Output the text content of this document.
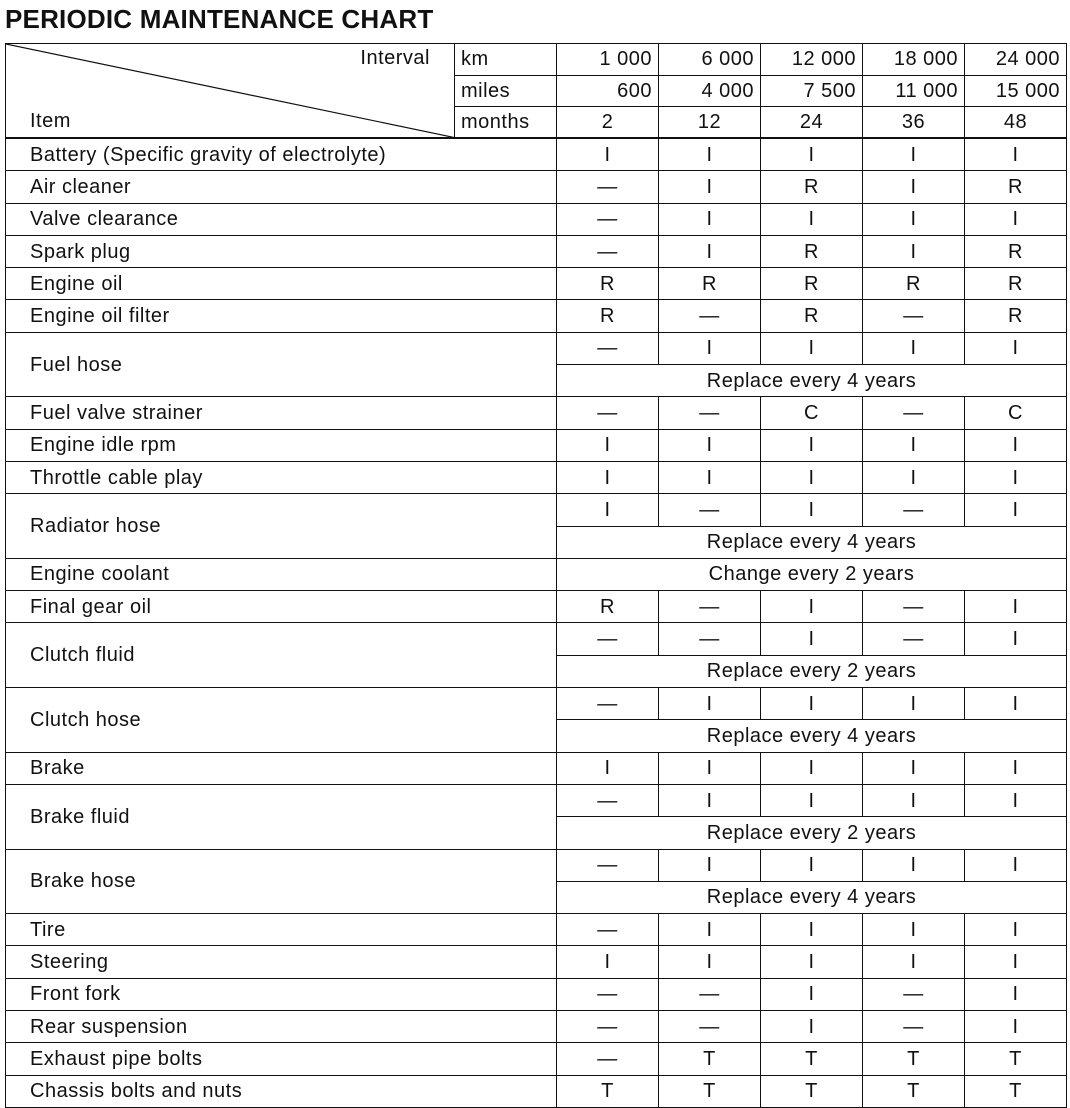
PERIODIC MAINTENANCE CHART
Interval
Item	km	1 000	6 000	12 000	18 000	24 000
	miles	600	4 000	7 500	11 000	15 000
	months	2	12	24	36	48
Battery (Specific gravity of electrolyte)		I	I	I	I	I
Air cleaner		—	I	R	I	R
Valve clearance		—	I	I	I	I
Spark plug		—	I	R	I	R
Engine oil		R	R	R	R	R
Engine oil filter		R	—	R	—	R
Fuel hose		—	I	I	I	I
		Replace every 4 years				
Fuel valve strainer		—	—	C	—	C
Engine idle rpm		I	I	I	I	I
Throttle cable play		I	I	I	I	I
Radiator hose		I	—	I	—	I
		Replace every 4 years				
Engine coolant		Change every 2 years				
Final gear oil		R	—	I	—	I
Clutch fluid		—	—	I	—	I
		Replace every 2 years				
Clutch hose		—	I	I	I	I
		Replace every 4 years				
Brake		I	I	I	I	I
Brake fluid		—	I	I	I	I
		Replace every 2 years				
Brake hose		—	I	I	I	I
		Replace every 4 years				
Tire		—	I	I	I	I
Steering		I	I	I	I	I
Front fork		—	—	I	—	I
Rear suspension		—	—	I	—	I
Exhaust pipe bolts		—	T	T	T	T
Chassis bolts and nuts		T	T	T	T	T
